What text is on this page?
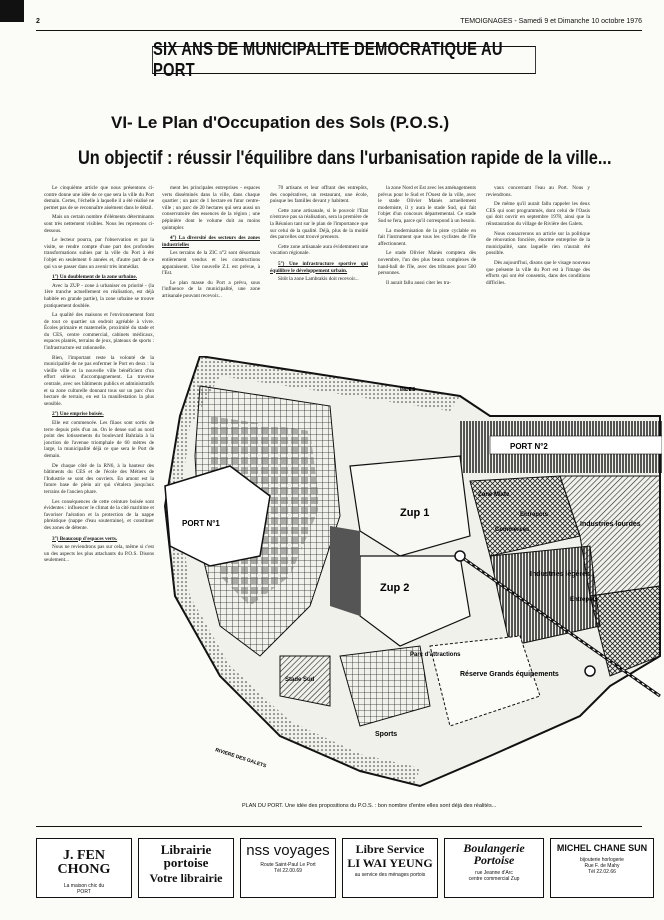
2	TEMOIGNAGES - Samedi 9 et Dimanche 10 octobre 1976
SIX ANS DE MUNICIPALITE DEMOCRATIQUE AU PORT
VI- Le Plan d'Occupation des Sols (P.O.S.)
Un objectif : réussir l'équilibre dans l'urbanisation rapide de la ville...

Le cinquième article que nous présentons ci-contre donne une idée de ce que sera la ville du Port demain. Certes, l'échelle à laquelle il a été réalisé ne permet pas de se reconnaître aisément dans le détail.

Mais un certain nombre d'éléments déterminants sont très nettement visibles. Nous les reprenons ci-dessous.

Le lecteur pourra, par l'observation et par la visite, se rendre compte d'une part des profondes transformations subies par la ville du Port à été l'objet en seulement 6 années et, d'autre part de ce qui va se passer dans un avenir très immédiat.

1°) Un doublement de la zone urbaine.

Avec la ZUP - zone à urbaniser en priorité - (la 1ère tranche actuellement en réalisation, est déjà habitée en grande partie), la zone urbaine se trouve pratiquement doublée.

La qualité des maisons et l'environnement font de tout ce quartier un endroit agréable à vivre. Écoles primaire et maternelle, proximité du stade et du CES, centre commercial, cabinets médicaux, espaces plantés, terrains de jeux, plateaux de sports : l'infrastructure est rationnelle.

Bien, l'important reste la volonté de la municipalité de ne pas enfermer le Port en deux : la vieille ville et la nouvelle ville bénéficient d'un effort sérieux d'accompagnement. La traverse centrale, avec ses bâtiments publics et administratifs et sa zone culturelle donnant tous sur un parc d'un hectare de terrain, en est la manifestation la plus sensible.

2°) Une emprise boisée.

Elle est commencée. Les filaos sont sortis de terre depuis près d'un an. On le dense sud au nord point des lotissements du boulevard Bahtiala à la jonction de l'avenue triomphale de 60 mètres de large, la municipalité déjà ce que sera le Port de demain.

De chaque côté de la RN6, à la hauteur des bâtiments du CES et de l'école des Métiers de l'Industrie se sont des ouvriers. En amont est la future base de plein air qui s'étalera jusqu'aux terrains de l'ancien phare.

Les conséquences de cette ceinture boisée sont évidentes : influencer le climat de la cité maritime et favoriser l'aération et la protection de la nappe phréatique (nappe d'eau souterraine), et constituer des zones de détente.

3°) Beaucoup d'espaces verts.

Nous ne reviendrons pas sur cela, même si c'est un des aspects les plus attachants du P.O.S. Disons seulement...

ment les principales entreprises - espaces verts disséminés dans la ville, dans chaque quartier ; un parc de 1 hectare en futur centre-ville ; un parc de 20 hectares qui sera aussi un conservatoire des essences de la région ; une pépinière dont le volume doit au moins quintupler.

4°) La diversité des secteurs des zones industrielles

Les terrains de la ZIC n°2 sont désormais entièrement vendus et les constructions apparaissent. Une nouvelle Z.I. est prévue, à l'Est.

Le plan masse du Port a prévu, sous l'influence de la municipalité, une zone artisanale pouvant recevoir...

70 artisans et leur offrant des entrepôts, des coopératives, un restaurant, une école, puisque les familles devant y habitent.

Cette zone artisanale, si le pouvoir l'Etat n'entrave pas sa réalisation, sera la première de la Réunion tant sur le plan de l'importance que sur celui de la qualité. Déjà, plus de la moitié des parcelles ont trouvé preneurs.

Cette zone artisanale aura évidemment une vocation régionale.

5°) Une infrastructure sportive qui équilibre le développement urbain.

Sitôt la zone Lambrakis doit recevoir...

la zone Nord et Est avec les aménagements prévus pour le Sud et l'Ouest de la ville, avec le stade Olivier Manés actuellement moderniste, il y aura le stade Sud, qui fait l'objet d'un concours départemental. Ce stade Sud se fera, parce qu'il correspond à un besoin.

La modernisation de la piste cyclable en fait l'instrument que tous les cyclistes de l'île affectionnent.

Le stade Olivier Manès comptera dès novembre, l'un des plus beaux complexes de hand-ball de l'île, avec des tribunes pour 500 personnes.

Il aurait fallu aussi citer les tra-

vaux concernant l'eau au Port. Nous y reviendrons.

De même qu'il aurait fallu rappeler les deux CES qui sont programmés, dont celui de l'Oasis qui doit ouvrir en septembre 1978, ainsi que la réinstauration du village de Rivière des Galets.

Nous consacrerons un article sur la politique de rénovation foncière, énorme entreprise de la municipalité, sans laquelle rien n'aurait été possible.

Dès aujourd'hui, disons que le visage nouveau que présente la ville du Port est à l'image des efforts qui ont été consentis, dans des conditions difficiles.

PORT N°1
PORT N°2
Zup 1
Zup 2
Zone Mixte
Entrepots
Commerces
Industries lourdes
Industries légères
Entrepots
Parc d'attractions
Réserve Grands équipements
Sports
Stade Sud
RIVIERE DES GALETS
INDES
PLAN DU PORT. Une idée des propositions du P.O.S. : bon nombre d'entre elles sont déjà des réalités...
J. FEN CHONG
La maison chic du
PORT
Librairie portoise
Votre librairie
nss voyages
Route Saint-Paul Le Port
Tél 22.00.69
Libre Service
LI WAI YEUNG
au service des ménages portois
Boulangerie Portoise
rue Jeanne d'Arc
centre commercial Zup
MICHEL CHANE SUN
bijouterie horlogerie
Rue F. de Mahy
Tél 22.02.66
